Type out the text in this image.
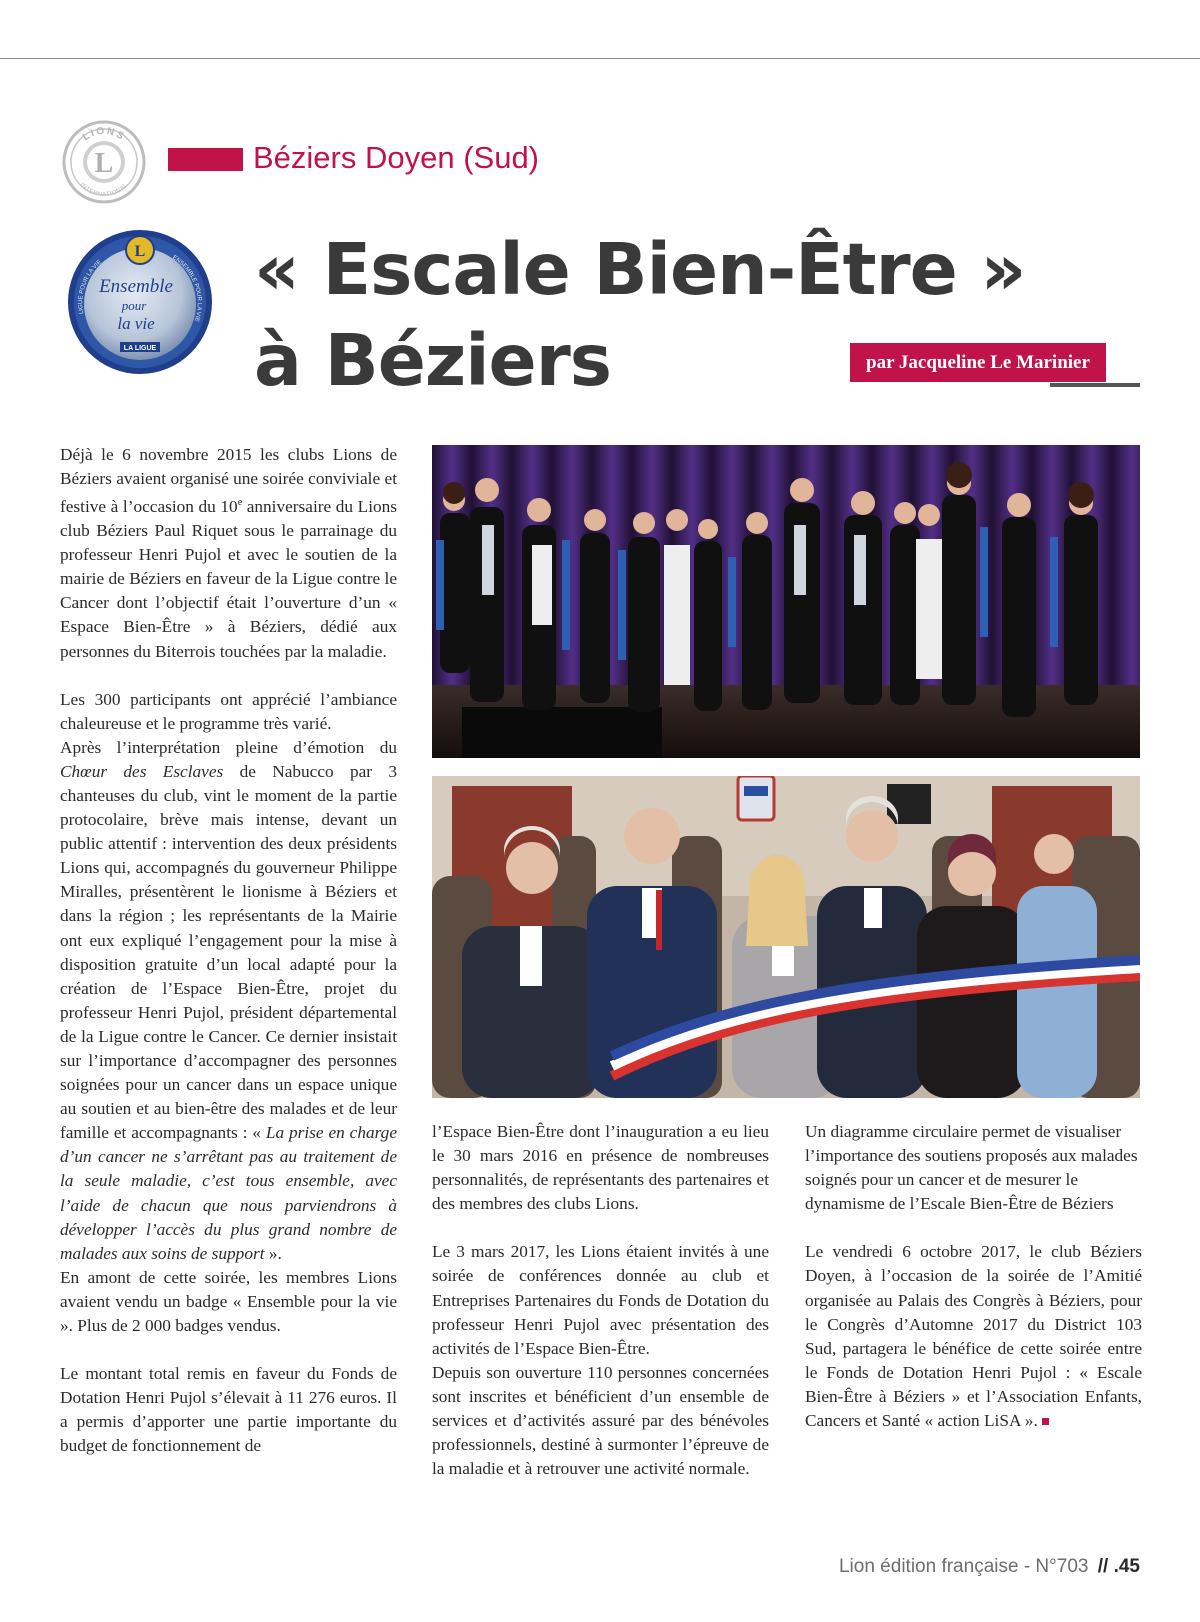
L
LIONS
INTERNATIONAL
Béziers Doyen (Sud)
L
LIGUE POUR LA VIE
ENSEMBLE POUR LA VIE
Ensemble
pour
la vie
LA LIGUE
« Escale Bien-Être »
à Béziers	par Jacqueline Le Marinier

Déjà le 6 novembre 2015 les clubs Lions de Béziers avaient organisé une soirée conviviale et festive à l’occasion du 10e anniversaire du Lions club Béziers Paul Riquet sous le parrainage du professeur Henri Pujol et avec le soutien de la mairie de Béziers en faveur de la Ligue contre le Cancer dont l’objectif était l’ouverture d’un « Espace Bien-Être » à Béziers, dédié aux personnes du Biterrois touchées par la maladie.

Les 300 participants ont apprécié l’ambiance chaleureuse et le programme très varié.

Après l’interprétation pleine d’émotion du Chœur des Esclaves de Nabucco par 3 chanteuses du club, vint le moment de la partie protocolaire, brève mais intense, devant un public attentif : intervention des deux présidents Lions qui, accompagnés du gouverneur Philippe Miralles, présentèrent le lionisme à Béziers et dans la région ; les représentants de la Mairie ont eux expliqué l’engagement pour la mise à disposition gratuite d’un local adapté pour la création de l’Espace Bien-Être, projet du professeur Henri Pujol, président départemental de la Ligue contre le Cancer. Ce dernier insistait sur l’importance d’accompagner des personnes soignées pour un cancer dans un espace unique au soutien et au bien-être des malades et de leur famille et accompagnants : « La prise en charge d’un cancer ne s’arrêtant pas au traitement de la seule maladie, c’est tous ensemble, avec l’aide de chacun que nous parviendrons à développer l’accès du plus grand nombre de malades aux soins de support ».

En amont de cette soirée, les membres Lions avaient vendu un badge « Ensemble pour la vie ». Plus de 2 000 badges vendus.

Le montant total remis en faveur du Fonds de Dotation Henri Pujol s’élevait à 11 276 euros. Il a permis d’apporter une partie importante du budget de fonctionnement de

l’Espace Bien-Être dont l’inauguration a eu lieu le 30 mars 2016 en présence de nombreuses personnalités, de représentants des partenaires et des membres des clubs Lions.

Le 3 mars 2017, les Lions étaient invités à une soirée de conférences donnée au club et Entreprises Partenaires du Fonds de Dotation du professeur Henri Pujol avec présentation des activités de l’Espace Bien-Être.

Depuis son ouverture 110 personnes concernées sont inscrites et bénéficient d’un ensemble de services et d’activités assuré par des bénévoles professionnels, destiné à surmonter l’épreuve de la maladie et à retrouver une activité normale.

Un diagramme circulaire permet de visualiser l’importance des soutiens proposés aux malades soignés pour un cancer et de mesurer le dynamisme de l’Escale Bien-Être de Béziers

Le vendredi 6 octobre 2017, le club Béziers Doyen, à l’occasion de la soirée de l’Amitié organisée au Palais des Congrès à Béziers, pour le Congrès d’Automne 2017 du District 103 Sud, partagera le bénéfice de cette soirée entre le Fonds de Dotation Henri Pujol : « Escale Bien-Être à Béziers » et l’Association Enfants, Cancers et Santé « action LiSA ».

Lion édition française - N°703 // .45
